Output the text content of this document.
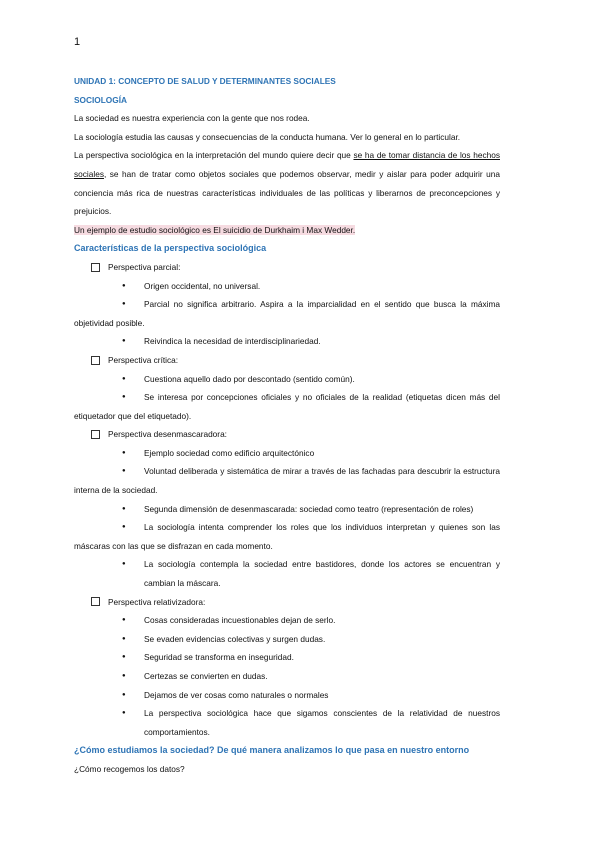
1

UNIDAD 1: CONCEPTO DE SALUD Y DETERMINANTES SOCIALES

SOCIOLOGÍA

La sociedad es nuestra experiencia con la gente que nos rodea.

La sociología estudia las causas y consecuencias de la conducta humana. Ver lo general en lo particular.

La perspectiva sociológica en la interpretación del mundo quiere decir que se ha de tomar distancia de los hechos sociales, se han de tratar como objetos sociales que podemos observar, medir y aislar para poder adquirir una conciencia más rica de nuestras características individuales de las políticas y liberarnos de preconcepciones y prejuicios.

Un ejemplo de estudio sociológico es El suicidio de Durkhaim i Max Wedder.

Características de la perspectiva sociológica

Perspectiva parcial:

● Origen occidental, no universal.

● Parcial no significa arbitrario. Aspira a la imparcialidad en el sentido que busca la máxima objetividad posible.

● Reivindica la necesidad de interdisciplinariedad.

Perspectiva crítica:

● Cuestiona aquello dado por descontado (sentido común).

● Se interesa por concepciones oficiales y no oficiales de la realidad (etiquetas dicen más del etiquetador que del etiquetado).

Perspectiva desenmascaradora:

● Ejemplo sociedad como edificio arquitectónico

● Voluntad deliberada y sistemática de mirar a través de las fachadas para descubrir la estructura interna de la sociedad.

● Segunda dimensión de desenmascarada: sociedad como teatro (representación de roles)

● La sociología intenta comprender los roles que los individuos interpretan y quienes son las máscaras con las que se disfrazan en cada momento.

● La sociología contempla la sociedad entre bastidores, donde los actores se encuentran y cambian la máscara.

Perspectiva relativizadora:

● Cosas consideradas incuestionables dejan de serlo.

● Se evaden evidencias colectivas y surgen dudas.

● Seguridad se transforma en inseguridad.

● Certezas se convierten en dudas.

● Dejamos de ver cosas como naturales o normales

● La perspectiva sociológica hace que sigamos conscientes de la relatividad de nuestros comportamientos.

¿Cómo estudiamos la sociedad? De qué manera analizamos lo que pasa en nuestro entorno

¿Cómo recogemos los datos?
